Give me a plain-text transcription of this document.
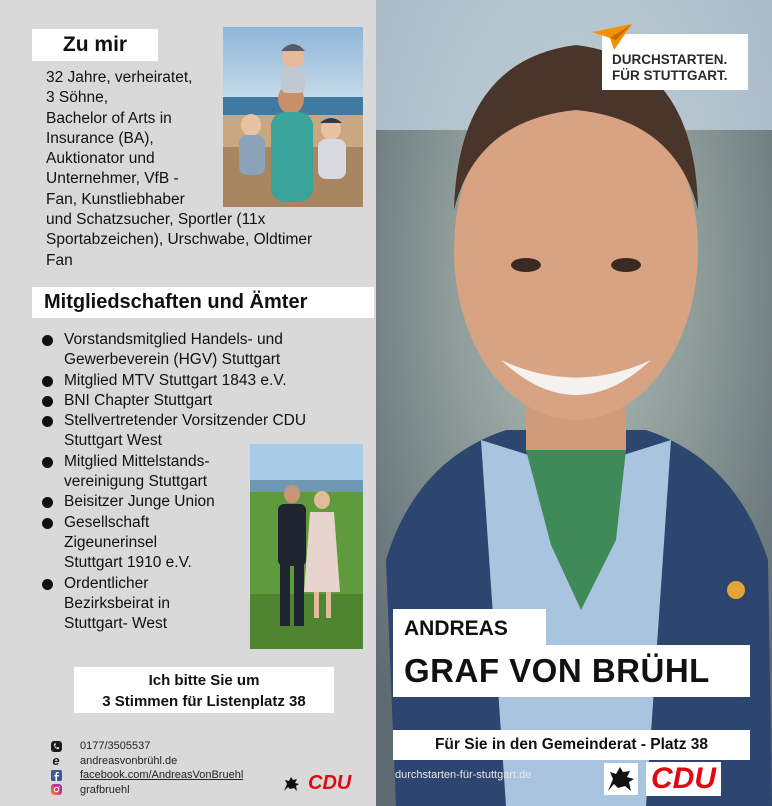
Zu mir
32 Jahre, verheiratet,
3 Söhne,
Bachelor of Arts in
Insurance (BA),
Auktionator und
Unternehmer, VfB -
Fan, Kunstliebhaber
und Schatzsucher, Sportler (11x
Sportabzeichen), Urschwabe, Oldtimer
Fan
Mitgliedschaften und Ämter
Vorstandsmitglied Handels- und
Gewerbeverein (HGV) Stuttgart
Mitglied MTV Stuttgart 1843 e.V.
BNI Chapter Stuttgart
Stellvertretender Vorsitzender CDU
Stuttgart West
Mitglied Mittelstands-
vereinigung Stuttgart
Beisitzer Junge Union
Gesellschaft
Zigeunerinsel
Stuttgart 1910 e.V.
Ordentlicher
Bezirksbeirat in
Stuttgart- West
Ich bitte Sie um
3 Stimmen für Listenplatz 38
0177/3505537
e andreasvonbrühl.de
facebook.com/AndreasVonBruehl
grafbruehl	CDU
DURCHSTARTEN.
FÜR STUTTGART.
ANDREAS
GRAF VON BRÜHL
Für Sie in den Gemeinderat - Platz 38
durchstarten-für-stuttgart.de	CDU
